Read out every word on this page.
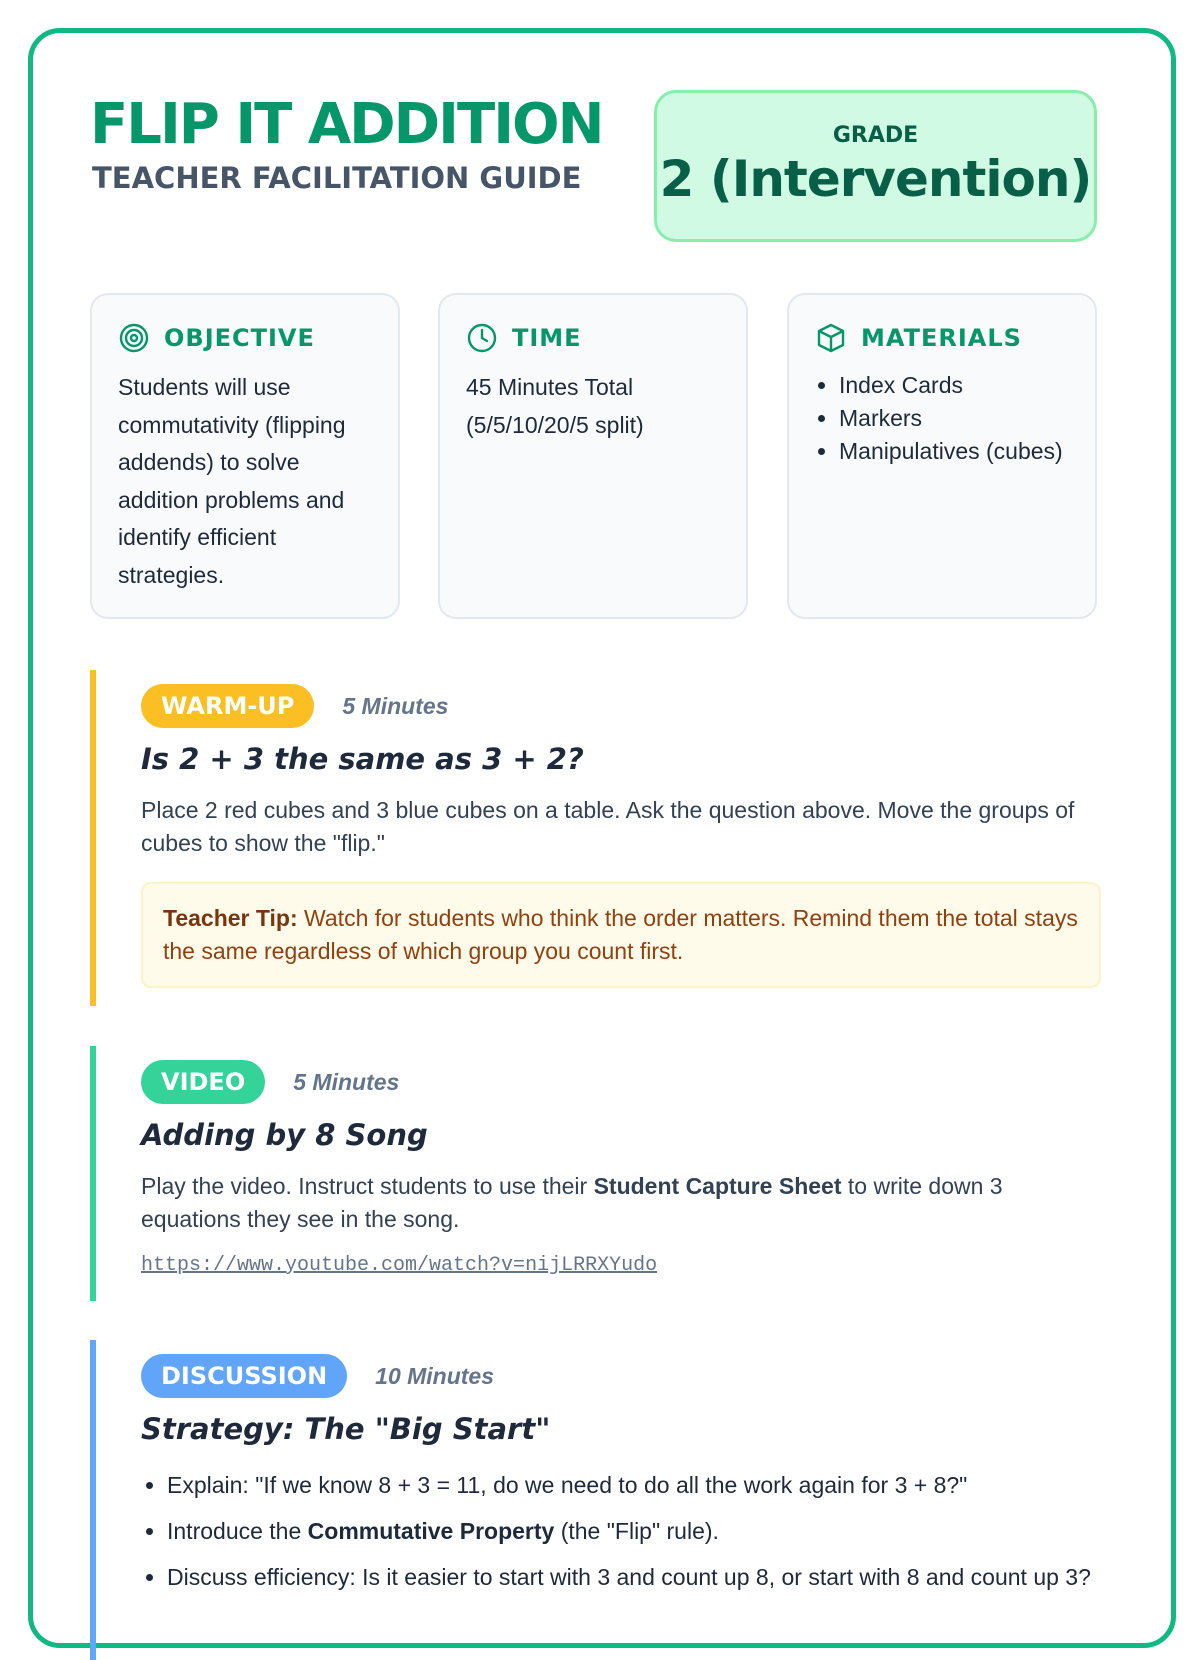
FLIP IT ADDITION
TEACHER FACILITATION GUIDE
GRADE
2 (Intervention)
OBJECTIVE
Students will use commutativity (flipping addends) to solve addition problems and identify efficient strategies.
TIME
45 Minutes Total
(5/5/10/20/5 split)
MATERIALS
• Index Cards
• Markers
• Manipulatives (cubes)
WARM-UP	5 Minutes
Is 2 + 3 the same as 3 + 2?
Place 2 red cubes and 3 blue cubes on a table. Ask the question above. Move the groups of cubes to show the "flip."
Teacher Tip: Watch for students who think the order matters. Remind them the total stays the same regardless of which group you count first.
VIDEO	5 Minutes
Adding by 8 Song
Play the video. Instruct students to use their Student Capture Sheet to write down 3 equations they see in the song.
https://www.youtube.com/watch?v=nijLRRXYudo
DISCUSSION	10 Minutes
Strategy: The "Big Start"
• Explain: "If we know 8 + 3 = 11, do we need to do all the work again for 3 + 8?"
• Introduce the Commutative Property (the "Flip" rule).
• Discuss efficiency: Is it easier to start with 3 and count up 8, or start with 8 and count up 3?
